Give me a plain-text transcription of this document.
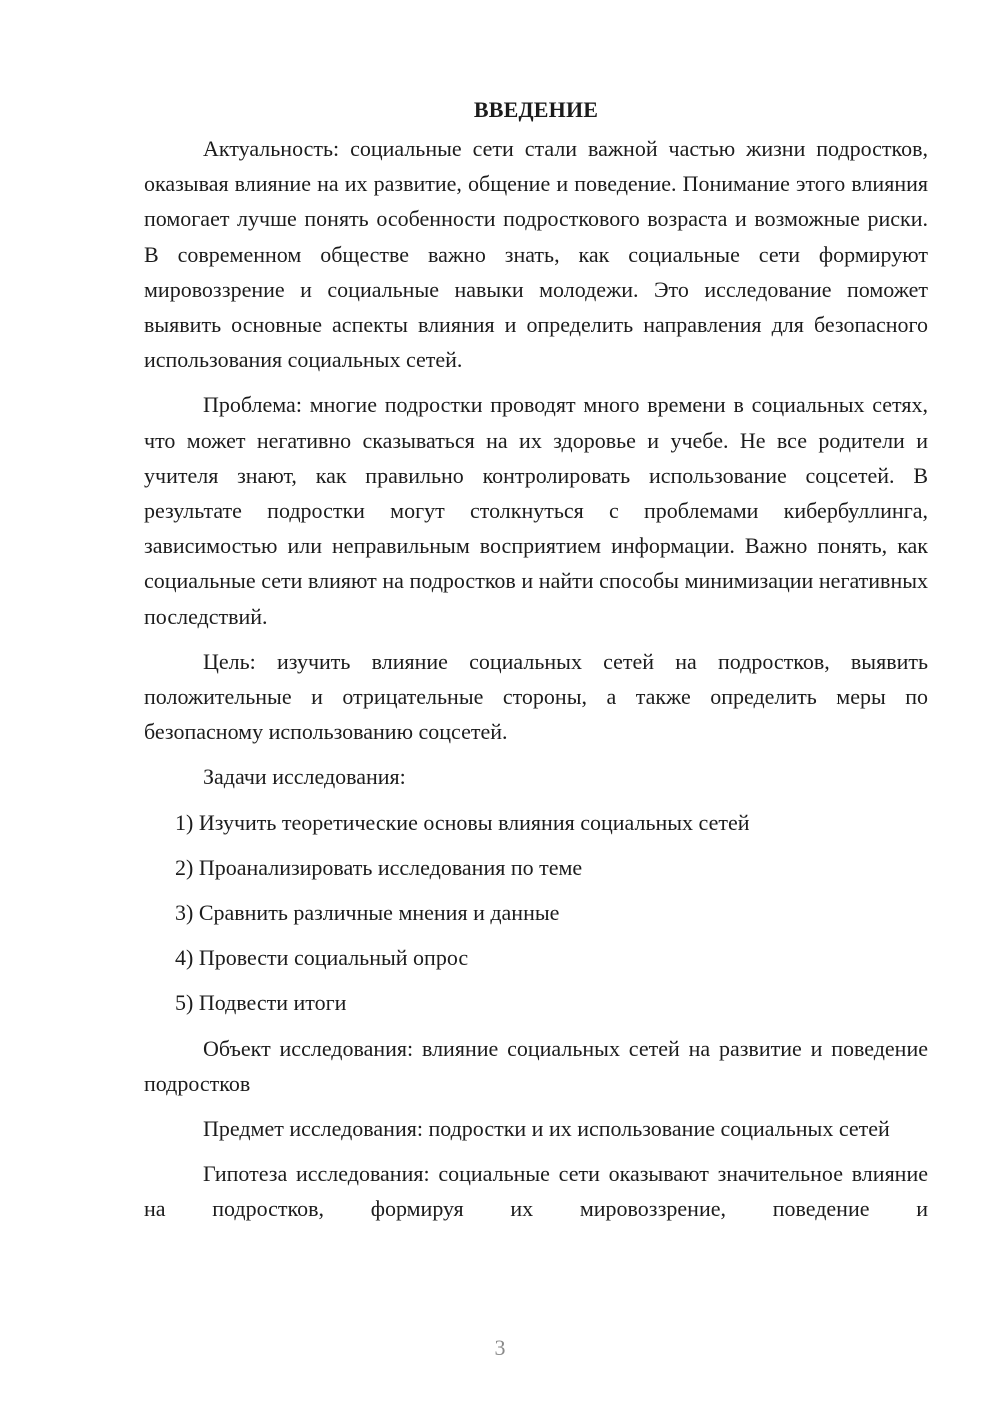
ВВЕДЕНИЕ

Актуальность: социальные сети стали важной частью жизни подростков, оказывая влияние на их развитие, общение и поведение. Понимание этого влияния помогает лучше понять особенности подросткового возраста и возможные риски. В современном обществе важно знать, как социальные сети формируют мировоззрение и социальные навыки молодежи. Это исследование поможет выявить основные аспекты влияния и определить направления для безопасного использования социальных сетей.

Проблема: многие подростки проводят много времени в социальных сетях, что может негативно сказываться на их здоровье и учебе. Не все родители и учителя знают, как правильно контролировать использование соцсетей. В результате подростки могут столкнуться с проблемами кибербуллинга, зависимостью или неправильным восприятием информации. Важно понять, как социальные сети влияют на подростков и найти способы минимизации негативных последствий.

Цель: изучить влияние социальных сетей на подростков, выявить положительные и отрицательные стороны, а также определить меры по безопасному использованию соцсетей.

Задачи исследования:

1) Изучить теоретические основы влияния социальных сетей

2) Проанализировать исследования по теме

3) Сравнить различные мнения и данные

4) Провести социальный опрос

5) Подвести итоги

Объект исследования: влияние социальных сетей на развитие и поведение подростков

Предмет исследования: подростки и их использование социальных сетей

Гипотеза исследования: социальные сети оказывают значительное влияние на подростков, формируя их мировоззрение, поведение и

3
